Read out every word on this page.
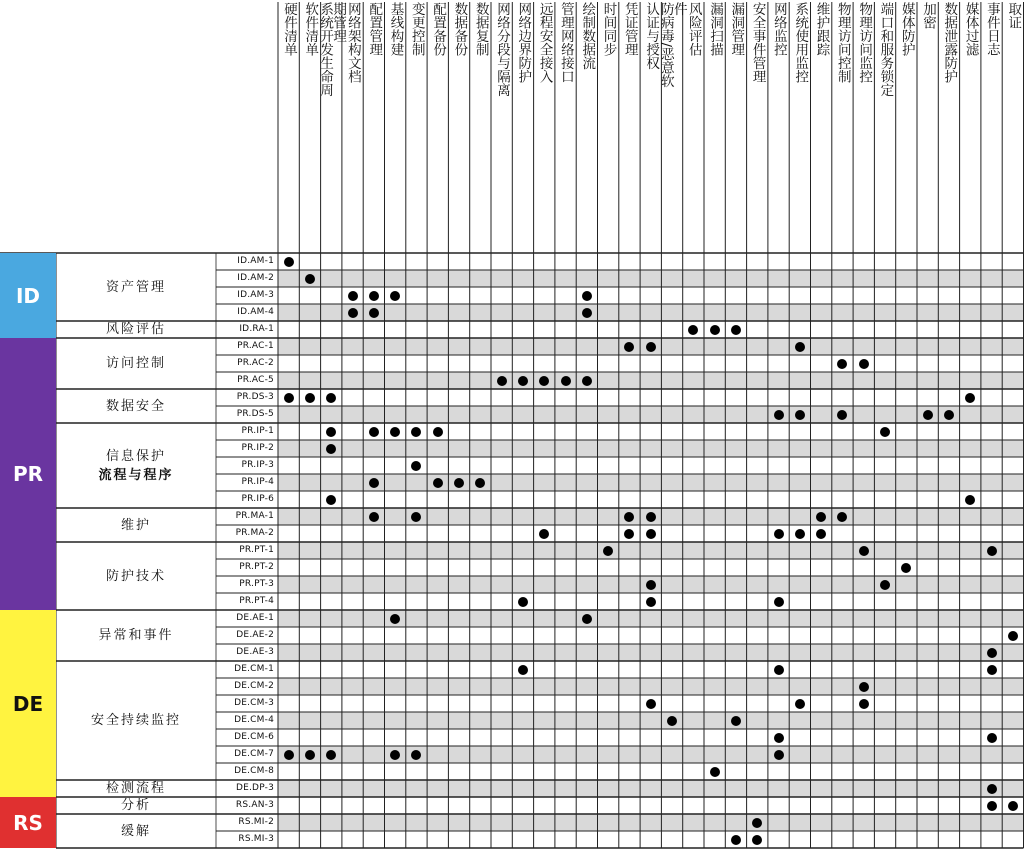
ID
PR
DE
RS
资产管理
风险评估
访问控制
数据安全
信息保护
流程与程序
维护
防护技术
异常和事件
安全持续监控
检测流程
分析
缓解
ID.AM-1
ID.AM-2
ID.AM-3
ID.AM-4
ID.RA-1
PR.AC-1
PR.AC-2
PR.AC-5
PR.DS-3
PR.DS-5
PR.IP-1
PR.IP-2
PR.IP-3
PR.IP-4
PR.IP-6
PR.MA-1
PR.MA-2
PR.PT-1
PR.PT-2
PR.PT-3
PR.PT-4
DE.AE-1
DE.AE-2
DE.AE-3
DE.CM-1
DE.CM-2
DE.CM-3
DE.CM-4
DE.CM-6
DE.CM-7
DE.CM-8
DE.DP-3
RS.AN-3
RS.MI-2
RS.MI-3
硬件清单 软件清单
系统开发生命周
期管理
网络架构文档 配置管理 基线构建 变更控制 配置备份 数据备份 数据复制 网络分段与隔离 网络边界防护 远程安全接入 管理网络接口 绘制数据流 时间同步 凭证管理 认证与授权
防病毒/恶意软
件
风险评估 漏洞扫描 漏洞管理 安全事件管理 网络监控 系统使用监控 维护跟踪 物理访问控制 物理访问监控 端口和服务锁定 媒体防护 加密 数据泄露防护 媒体过滤 事件日志 取证
